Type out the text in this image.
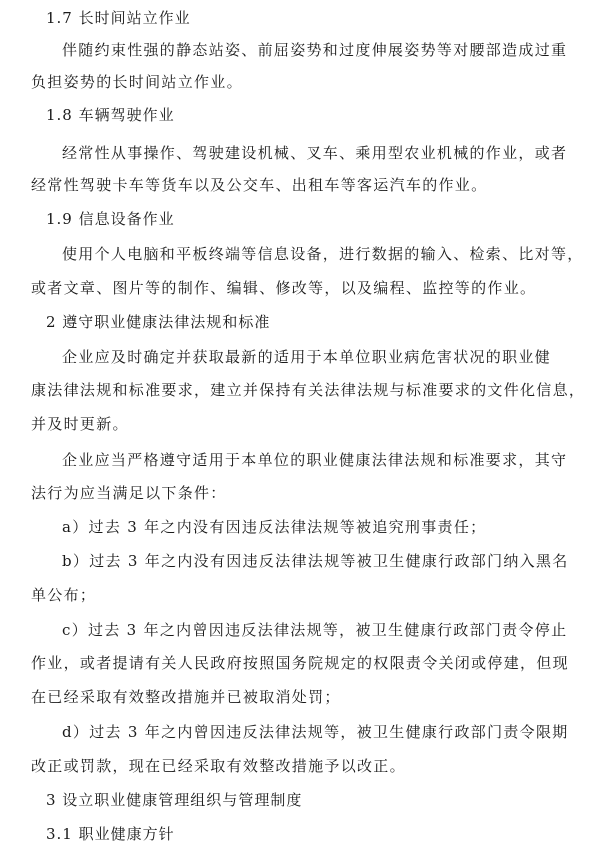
1.7 长时间站立作业
伴随约束性强的静态站姿、前屈姿势和过度伸展姿势等对腰部造成过重
负担姿势的长时间站立作业。
1.8 车辆驾驶作业
经常性从事操作、驾驶建设机械、叉车、乘用型农业机械的作业，或者
经常性驾驶卡车等货车以及公交车、出租车等客运汽车的作业。
1.9 信息设备作业
使用个人电脑和平板终端等信息设备，进行数据的输入、检索、比对等，
或者文章、图片等的制作、编辑、修改等，以及编程、监控等的作业。
2 遵守职业健康法律法规和标准
企业应及时确定并获取最新的适用于本单位职业病危害状况的职业健
康法律法规和标准要求，建立并保持有关法律法规与标准要求的文件化信息，
并及时更新。
企业应当严格遵守适用于本单位的职业健康法律法规和标准要求，其守
法行为应当满足以下条件：
a）过去 3 年之内没有因违反法律法规等被追究刑事责任；
b）过去 3 年之内没有因违反法律法规等被卫生健康行政部门纳入黑名
单公布；
c）过去 3 年之内曾因违反法律法规等，被卫生健康行政部门责令停止
作业，或者提请有关人民政府按照国务院规定的权限责令关闭或停建，但现
在已经采取有效整改措施并已被取消处罚；
d）过去 3 年之内曾因违反法律法规等，被卫生健康行政部门责令限期
改正或罚款，现在已经采取有效整改措施予以改正。
3 设立职业健康管理组织与管理制度
3.1 职业健康方针
